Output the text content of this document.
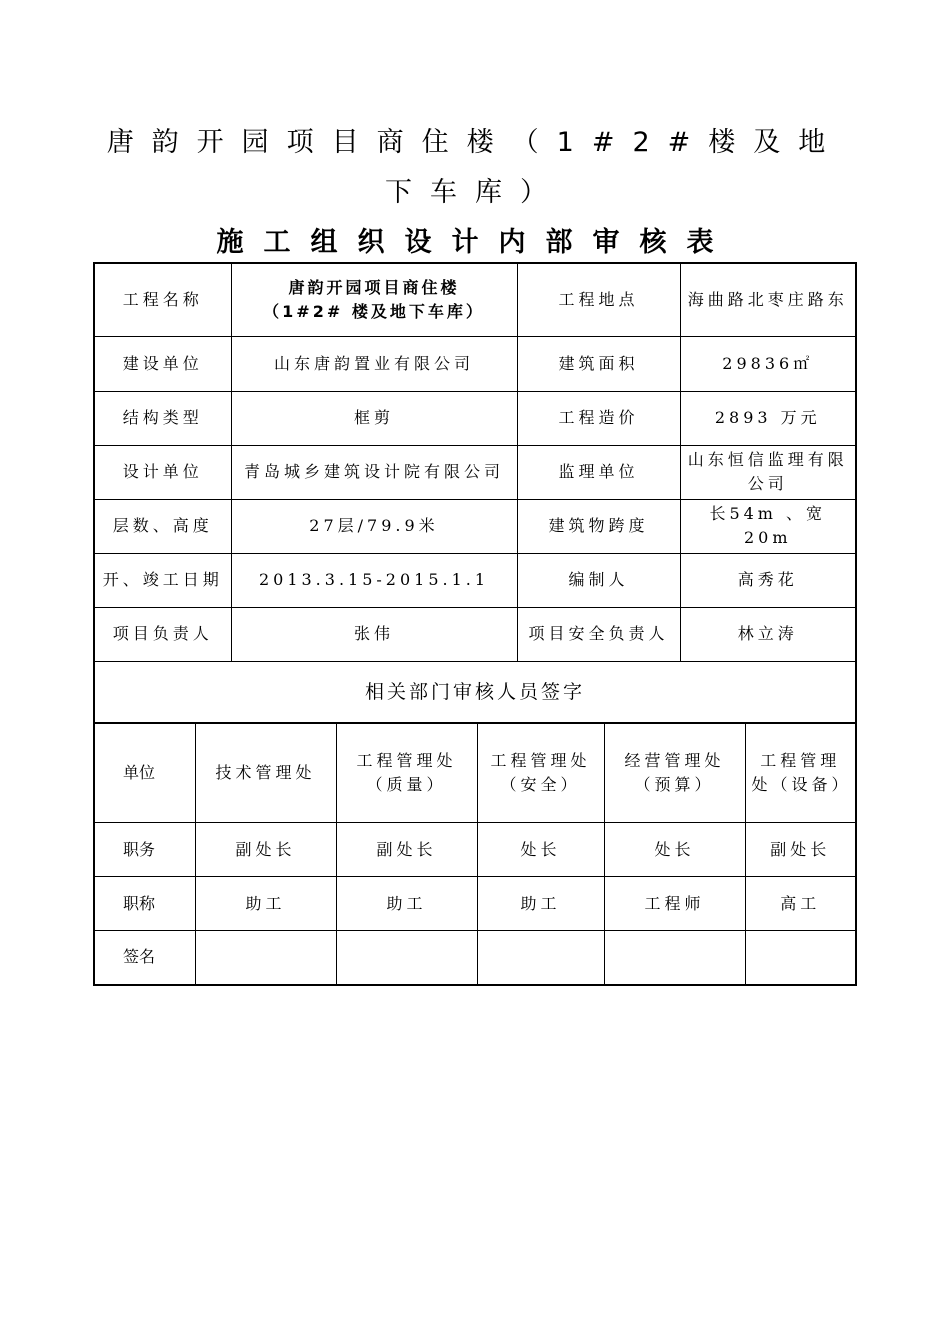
唐韵开园项目商住楼（1#2#楼及地
下车库）
施工组织设计内部审核表
工程名称	唐韵开园项目商住楼
（1#2# 楼及地下车库）	工程地点	海曲路北枣庄路东
建设单位	山东唐韵置业有限公司	建筑面积	29836㎡
结构类型	框剪	工程造价	2893 万元
设计单位	青岛城乡建筑设计院有限公司	监理单位	山东恒信监理有限公司
层数、高度	27层/79.9米	建筑物跨度	长54m 、宽20m
开、竣工日期	2013.3.15-2015.1.1	编制人	高秀花
项目负责人	张伟	项目安全负责人	林立涛
相关部门审核人员签字			
单位	技术管理处	工程管理处（质量）	工程管理处（安全）	经营管理处（预算）	工程管理处（设备）
职务	副处长	副处长	处长	处长	副处长
职称	助工	助工	助工	工程师	高工
签名					
